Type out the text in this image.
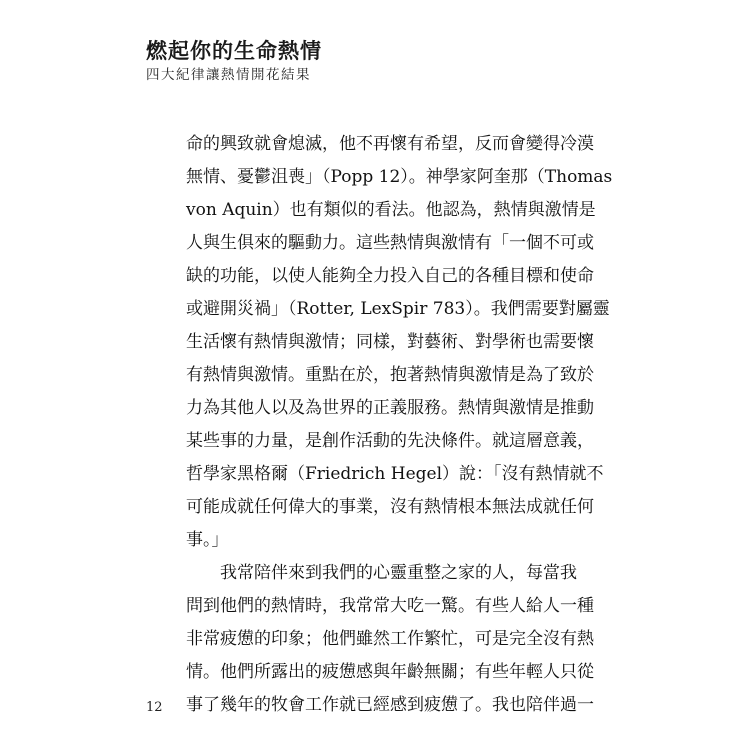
燃起你的生命熱情
四大紀律讓熱情開花結果
命的興致就會熄滅，他不再懷有希望，反而會變得冷漠
無情、憂鬱沮喪」（Popp 12）。神學家阿奎那（Thomas
von Aquin）也有類似的看法。他認為，熱情與激情是
人與生俱來的驅動力。這些熱情與激情有「一個不可或
缺的功能，以使人能夠全力投入自己的各種目標和使命
或避開災禍」（Rotter, LexSpir 783）。我們需要對屬靈
生活懷有熱情與激情；同樣，對藝術、對學術也需要懷
有熱情與激情。重點在於，抱著熱情與激情是為了致於
力為其他人以及為世界的正義服務。熱情與激情是推動
某些事的力量，是創作活動的先決條件。就這層意義，
哲學家黑格爾（Friedrich Hegel）說：「沒有熱情就不
可能成就任何偉大的事業，沒有熱情根本無法成就任何
事。」
我常陪伴來到我們的心靈重整之家的人，每當我
問到他們的熱情時，我常常大吃一驚。有些人給人一種
非常疲憊的印象；他們雖然工作繁忙，可是完全沒有熱
情。他們所露出的疲憊感與年齡無關；有些年輕人只從
事了幾年的牧會工作就已經感到疲憊了。我也陪伴過一
12
